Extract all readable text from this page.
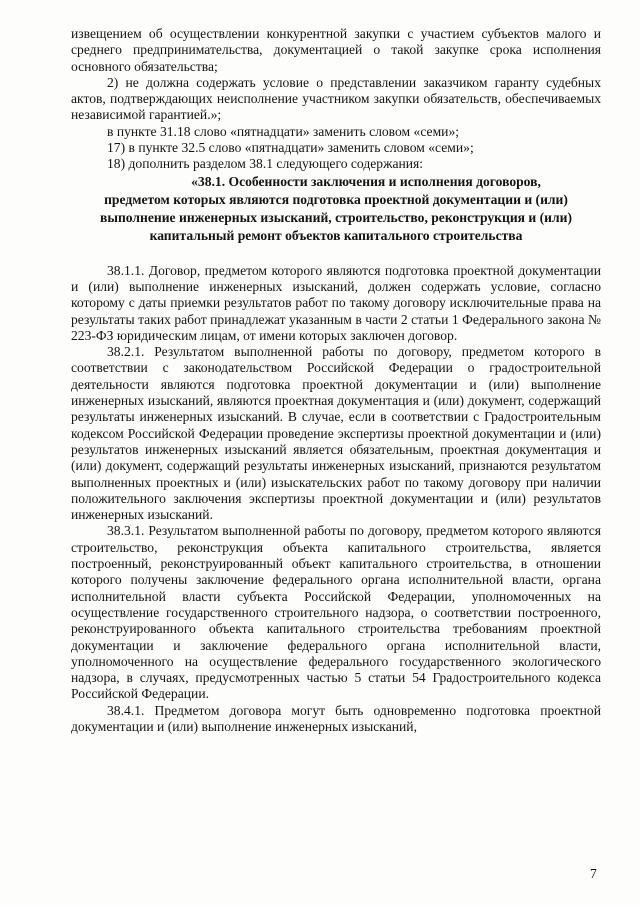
извещением об осуществлении конкурентной закупки с участием субъектов малого и среднего предпринимательства, документацией о такой закупке срока исполнения основного обязательства;

2) не должна содержать условие о представлении заказчиком гаранту судебных актов, подтверждающих неисполнение участником закупки обязательств, обеспечиваемых независимой гарантией.»;

в пункте 31.18 слово «пятнадцати» заменить словом «семи»;

17) в пункте 32.5 слово «пятнадцати» заменить словом «семи»;

18) дополнить разделом 38.1 следующего содержания:

«38.1. Особенности заключения и исполнения договоров,
предметом которых являются подготовка проектной документации и (или) выполнение инженерных изысканий, строительство, реконструкция и (или) капитальный ремонт объектов капитального строительства

38.1.1. Договор, предметом которого являются подготовка проектной документации и (или) выполнение инженерных изысканий, должен содержать условие, согласно которому с даты приемки результатов работ по такому договору исключительные права на результаты таких работ принадлежат указанным в части 2 статьи 1 Федерального закона № 223-ФЗ юридическим лицам, от имени которых заключен договор.

38.2.1. Результатом выполненной работы по договору, предметом которого в соответствии с законодательством Российской Федерации о градостроительной деятельности являются подготовка проектной документации и (или) выполнение инженерных изысканий, являются проектная документация и (или) документ, содержащий результаты инженерных изысканий. В случае, если в соответствии с Градостроительным кодексом Российской Федерации проведение экспертизы проектной документации и (или) результатов инженерных изысканий является обязательным, проектная документация и (или) документ, содержащий результаты инженерных изысканий, признаются результатом выполненных проектных и (или) изыскательских работ по такому договору при наличии положительного заключения экспертизы проектной документации и (или) результатов инженерных изысканий.

38.3.1. Результатом выполненной работы по договору, предметом которого являются строительство, реконструкция объекта капитального строительства, является построенный, реконструированный объект капитального строительства, в отношении которого получены заключение федерального органа исполнительной власти, органа исполнительной власти субъекта Российской Федерации, уполномоченных на осуществление государственного строительного надзора, о соответствии построенного, реконструированного объекта капитального строительства требованиям проектной документации и заключение федерального органа исполнительной власти, уполномоченного на осуществление федерального государственного экологического надзора, в случаях, предусмотренных частью 5 статьи 54 Градостроительного кодекса Российской Федерации.

38.4.1. Предметом договора могут быть одновременно подготовка проектной документации и (или) выполнение инженерных изысканий,

7
